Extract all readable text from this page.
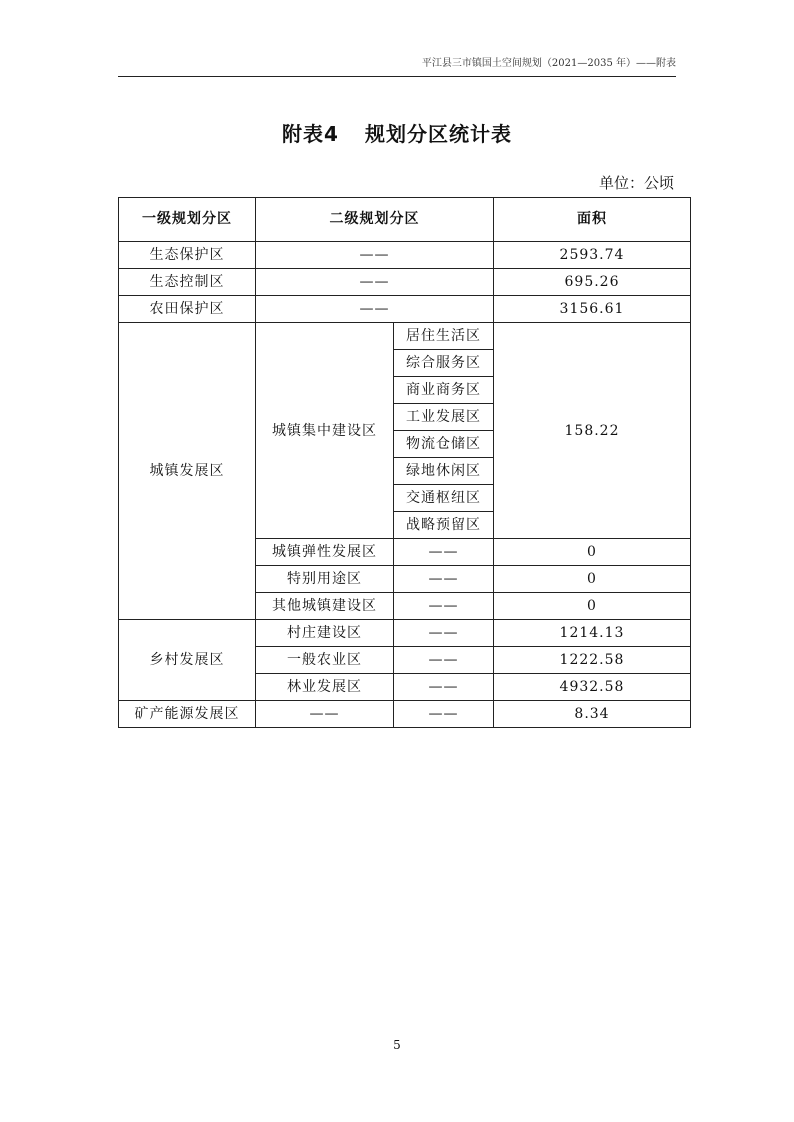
平江县三市镇国土空间规划（2021—2035 年）——附表
附表4 规划分区统计表
单位：公顷
一级规划分区	二级规划分区		面积
生态保护区	——		2593.74
生态控制区	——		695.26
农田保护区	——		3156.61
城镇发展区	城镇集中建设区	居住生活区	158.22
		综合服务区	
		商业商务区	
		工业发展区	
		物流仓储区	
		绿地休闲区	
		交通枢纽区	
		战略预留区	
	城镇弹性发展区	——	0
	特别用途区	——	0
	其他城镇建设区	——	0
乡村发展区	村庄建设区	——	1214.13
	一般农业区	——	1222.58
	林业发展区	——	4932.58
矿产能源发展区	——	——	8.34
5
